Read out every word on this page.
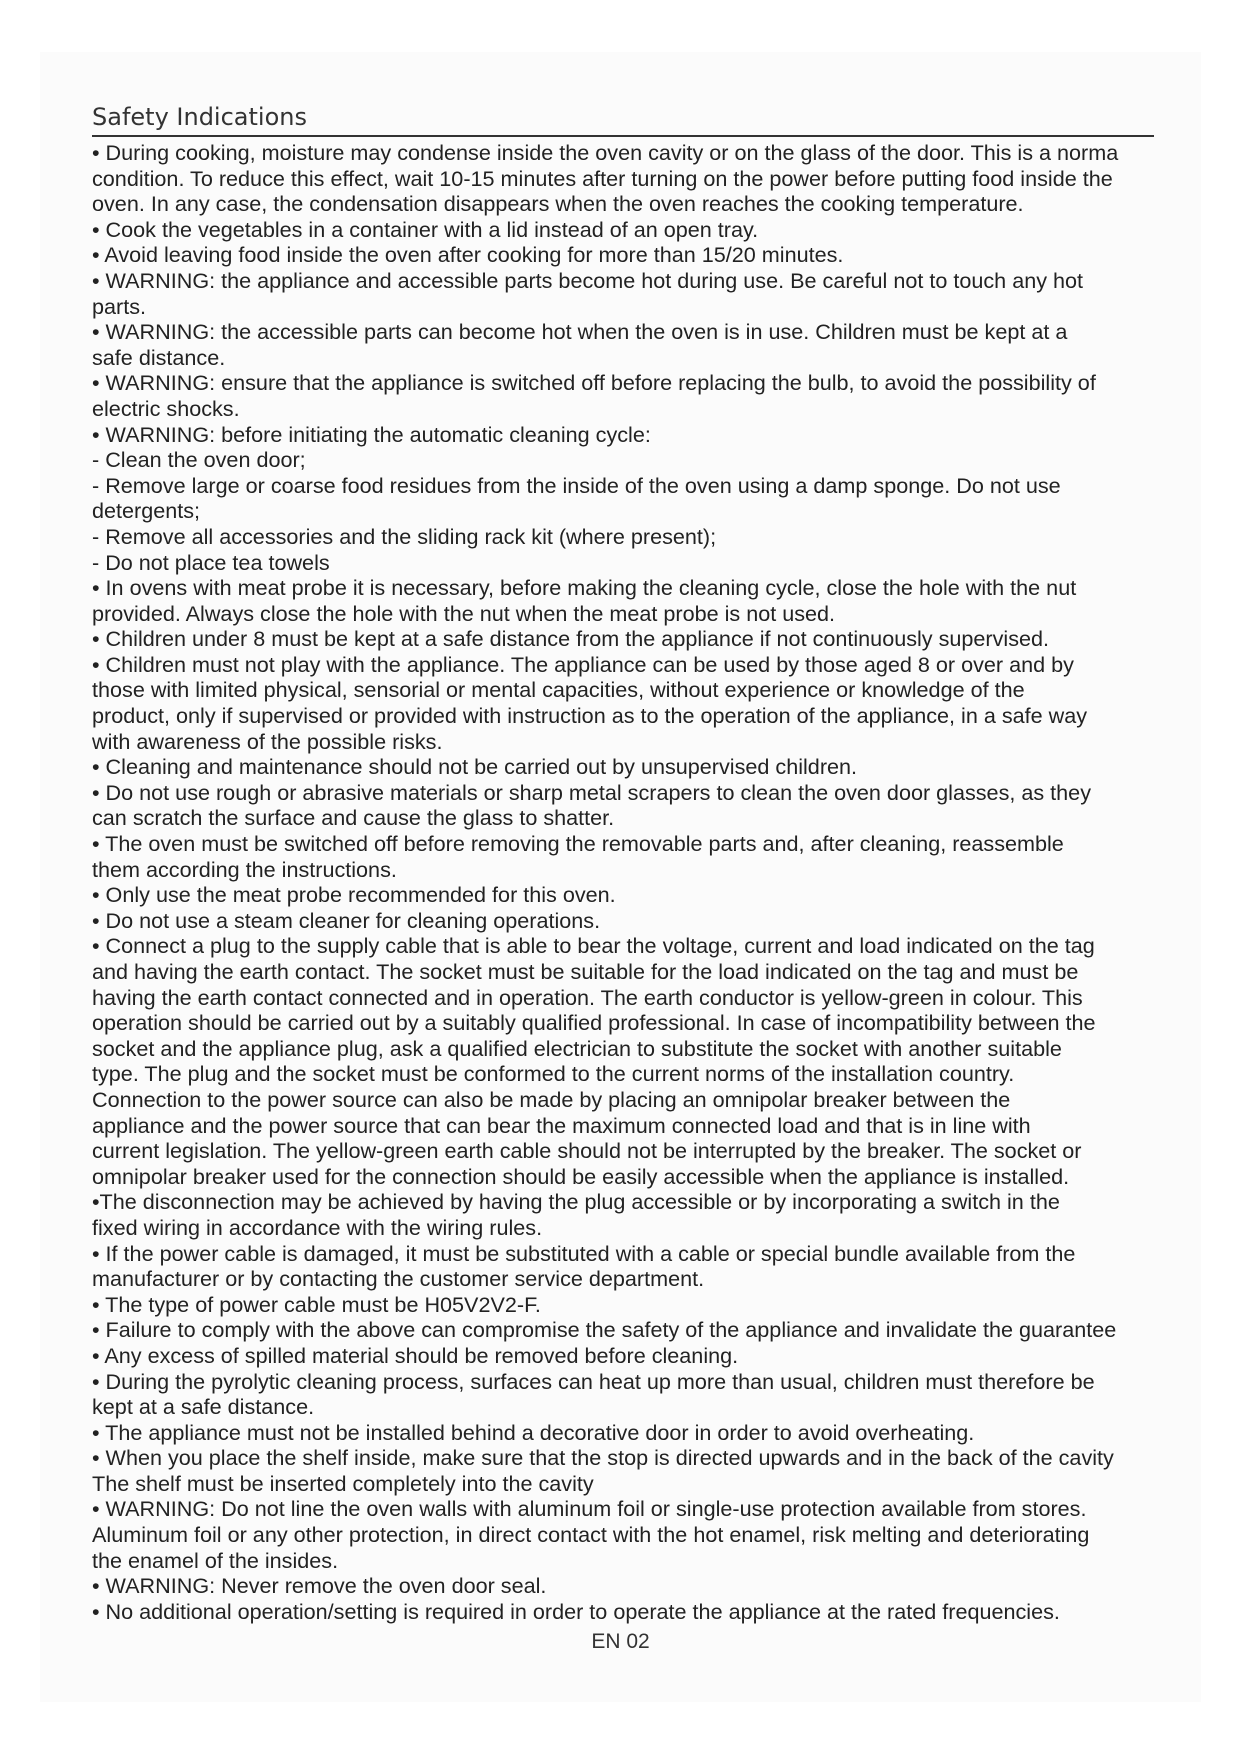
Safety Indications
• During cooking, moisture may condense inside the oven cavity or on the glass of the door. This is a norma
condition. To reduce this effect, wait 10-15 minutes after turning on the power before putting food inside the
oven. In any case, the condensation disappears when the oven reaches the cooking temperature.
• Cook the vegetables in a container with a lid instead of an open tray.
• Avoid leaving food inside the oven after cooking for more than 15/20 minutes.
• WARNING: the appliance and accessible parts become hot during use. Be careful not to touch any hot
parts.
• WARNING: the accessible parts can become hot when the oven is in use. Children must be kept at a
safe distance.
• WARNING: ensure that the appliance is switched off before replacing the bulb, to avoid the possibility of
electric shocks.
• WARNING: before initiating the automatic cleaning cycle:
- Clean the oven door;
- Remove large or coarse food residues from the inside of the oven using a damp sponge. Do not use
detergents;
- Remove all accessories and the sliding rack kit (where present);
- Do not place tea towels
• In ovens with meat probe it is necessary, before making the cleaning cycle, close the hole with the nut
provided. Always close the hole with the nut when the meat probe is not used.
• Children under 8 must be kept at a safe distance from the appliance if not continuously supervised.
• Children must not play with the appliance. The appliance can be used by those aged 8 or over and by
those with limited physical, sensorial or mental capacities, without experience or knowledge of the
product, only if supervised or provided with instruction as to the operation of the appliance, in a safe way
with awareness of the possible risks.
• Cleaning and maintenance should not be carried out by unsupervised children.
• Do not use rough or abrasive materials or sharp metal scrapers to clean the oven door glasses, as they
can scratch the surface and cause the glass to shatter.
• The oven must be switched off before removing the removable parts and, after cleaning, reassemble
them according the instructions.
• Only use the meat probe recommended for this oven.
• Do not use a steam cleaner for cleaning operations.
• Connect a plug to the supply cable that is able to bear the voltage, current and load indicated on the tag
and having the earth contact. The socket must be suitable for the load indicated on the tag and must be
having the earth contact connected and in operation. The earth conductor is yellow-green in colour. This
operation should be carried out by a suitably qualified professional. In case of incompatibility between the
socket and the appliance plug, ask a qualified electrician to substitute the socket with another suitable
type. The plug and the socket must be conformed to the current norms of the installation country.
Connection to the power source can also be made by placing an omnipolar breaker between the
appliance and the power source that can bear the maximum connected load and that is in line with
current legislation. The yellow-green earth cable should not be interrupted by the breaker. The socket or
omnipolar breaker used for the connection should be easily accessible when the appliance is installed.
•The disconnection may be achieved by having the plug accessible or by incorporating a switch in the
fixed wiring in accordance with the wiring rules.
• If the power cable is damaged, it must be substituted with a cable or special bundle available from the
manufacturer or by contacting the customer service department.
• The type of power cable must be H05V2V2-F.
• Failure to comply with the above can compromise the safety of the appliance and invalidate the guarantee
• Any excess of spilled material should be removed before cleaning.
• During the pyrolytic cleaning process, surfaces can heat up more than usual, children must therefore be
kept at a safe distance.
• The appliance must not be installed behind a decorative door in order to avoid overheating.
• When you place the shelf inside, make sure that the stop is directed upwards and in the back of the cavity
The shelf must be inserted completely into the cavity
• WARNING: Do not line the oven walls with aluminum foil or single-use protection available from stores.
Aluminum foil or any other protection, in direct contact with the hot enamel, risk melting and deteriorating
the enamel of the insides.
• WARNING: Never remove the oven door seal.
• No additional operation/setting is required in order to operate the appliance at the rated frequencies.
EN 02
